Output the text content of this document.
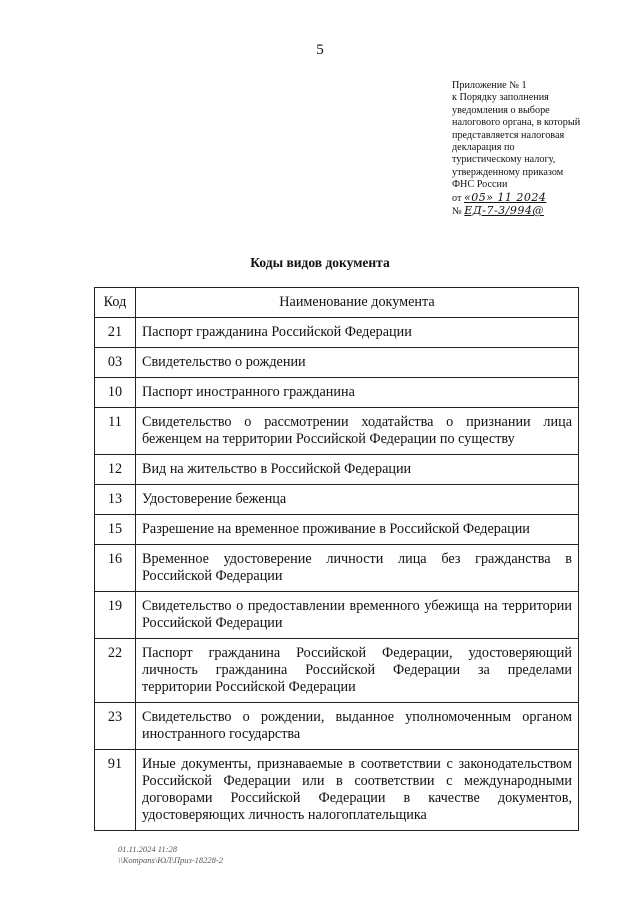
5
Приложение № 1
к Порядку заполнения
уведомления о выборе
налогового органа, в который
представляется налоговая
декларация по
туристическому налогу,
утвержденному приказом
ФНС России
от «05» 11 2024
№ ЕД-7-3/994@
Коды видов документа
Код	Наименование документа
21	Паспорт гражданина Российской Федерации
03	Свидетельство о рождении
10	Паспорт иностранного гражданина
11	Свидетельство о рассмотрении ходатайства о признании лица беженцем на территории Российской Федерации по существу
12	Вид на жительство в Российской Федерации
13	Удостоверение беженца
15	Разрешение на временное проживание в Российской Федерации
16	Временное удостоверение личности лица без гражданства в Российской Федерации
19	Свидетельство о предоставлении временного убежища на территории Российской Федерации
22	Паспорт гражданина Российской Федерации, удостоверяющий личность гражданина Российской Федерации за пределами территории Российской Федерации
23	Свидетельство о рождении, выданное уполномоченным органом иностранного государства
91	Иные документы, признаваемые в соответствии с законодательством Российской Федерации или в соответствии с международными договорами Российской Федерации в качестве документов, удостоверяющих личность налогоплательщика
01.11.2024 11:28
\\Kompans\ЮЛ\Приз-18228-2
